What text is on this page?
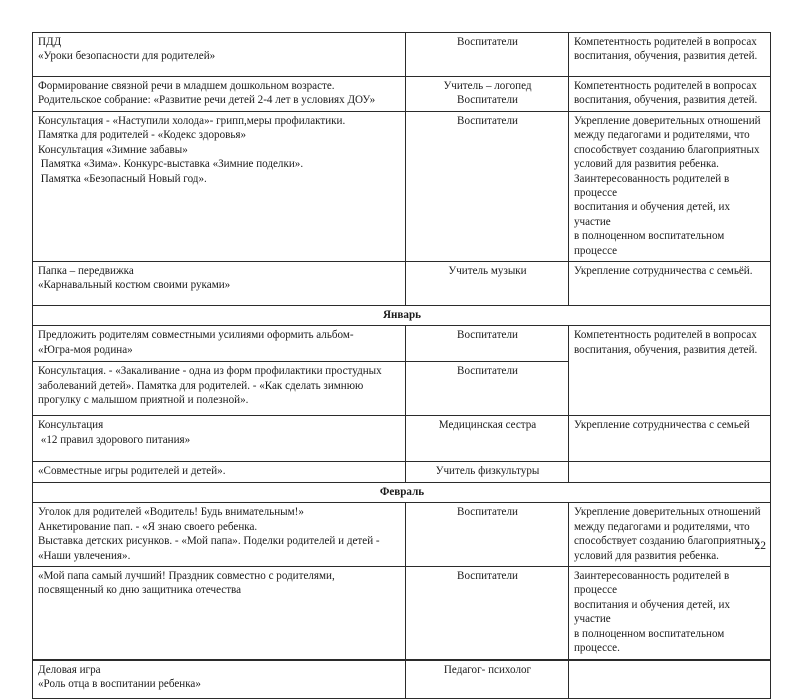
ПДД
«Уроки безопасности для родителей»	Воспитатели	Компетентность родителей в вопросах
воспитания, обучения, развития детей.

Формирование связной речи в младшем дошкольном возрасте.
Родительское собрание: «Развитие речи детей 2-4 лет в условиях ДОУ»	Учитель – логопед
Воспитатели	Компетентность родителей в вопросах
воспитания, обучения, развития детей.

Консультация - «Наступили холода»- грипп,меры профилактики.
Памятка для родителей - «Кодекс здоровья»
Консультация «Зимние забавы»
Памятка «Зима». Конкурс-выставка «Зимние поделки».
Памятка «Безопасный Новый год».

Воспитатели	Укрепление доверительных отношений
между педагогами и родителями, что
способствует созданию благоприятных
условий для развития ребенка.
Заинтересованность родителей в процессе
воспитания и обучения детей, их участие
в полноценном воспитательном процессе

Папка – передвижка
«Карнавальный костюм своими руками»	Учитель музыки	Укрепление сотрудничества с семьёй.

Январь		

Предложить родителям совместными усилиями оформить альбом-
«Югра-моя родина»	Воспитатели	Компетентность родителей в вопросах
воспитания, обучения, развития детей.

Консультация. - «Закаливание - одна из форм профилактики простудных
заболеваний детей». Памятка для родителей. - «Как сделать зимнюю
прогулку с малышом приятной и полезной».	Воспитатели	

Консультация
«12 правил здорового питания»	Медицинская сестра	Укрепление сотрудничества с семьей

«Совместные игры родителей и детей».	Учитель физкультуры	

Февраль		

Уголок для родителей «Водитель! Будь внимательным!»
Анкетирование пап. - «Я знаю своего ребенка.
Выставка детских рисунков. - «Мой папа». Поделки родителей и детей -
«Наши увлечения».	Воспитатели	Укрепление доверительных отношений
между педагогами и родителями, что
способствует созданию благоприятных
условий для развития ребенка.

«Мой папа самый лучший! Праздник совместно с родителями,
посвященный ко дню защитника отечества	Воспитатели	Заинтересованность родителей в процессе
воспитания и обучения детей, их участие
в полноценном воспитательном процессе.

Деловая игра
«Роль отца в воспитании ребенка»	Педагог- психолог	

22
